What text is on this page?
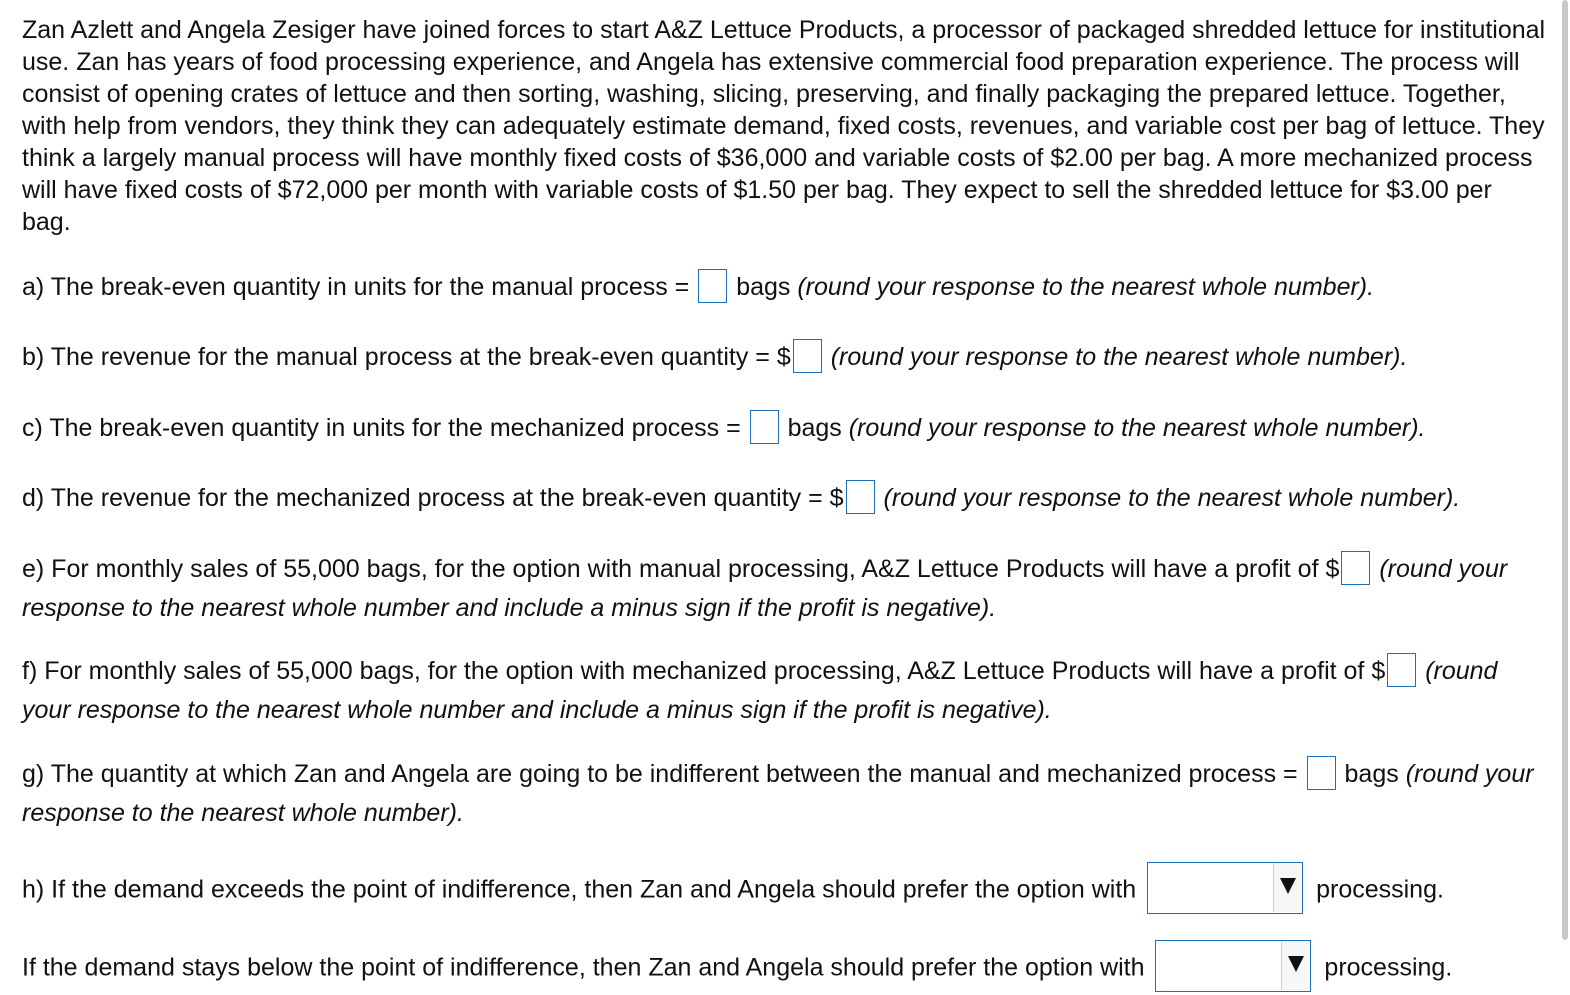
Zan Azlett and Angela Zesiger have joined forces to start A&Z Lettuce Products, a processor of packaged shredded lettuce for institutional use. Zan has years of food processing experience, and Angela has extensive commercial food preparation experience. The process will consist of opening crates of lettuce and then sorting, washing, slicing, preserving, and finally packaging the prepared lettuce. Together, with help from vendors, they think they can adequately estimate demand, fixed costs, revenues, and variable cost per bag of lettuce. They think a largely manual process will have monthly fixed costs of $36,000 and variable costs of $2.00 per bag. A more mechanized process will have fixed costs of $72,000 per month with variable costs of $1.50 per bag. They expect to sell the shredded lettuce for $3.00 per bag.

a) The break-even quantity in units for the manual process = bags (round your response to the nearest whole number).
b) The revenue for the manual process at the break-even quantity = $ (round your response to the nearest whole number).
c) The break-even quantity in units for the mechanized process = bags (round your response to the nearest whole number).
d) The revenue for the mechanized process at the break-even quantity = $ (round your response to the nearest whole number).
e) For monthly sales of 55,000 bags, for the option with manual processing, A&Z Lettuce Products will have a profit of $ (round your response to the nearest whole number and include a minus sign if the profit is negative).
f) For monthly sales of 55,000 bags, for the option with mechanized processing, A&Z Lettuce Products will have a profit of $ (round your response to the nearest whole number and include a minus sign if the profit is negative).
g) The quantity at which Zan and Angela are going to be indifferent between the manual and mechanized process = bags (round your response to the nearest whole number).
h) If the demand exceeds the point of indifference, then Zan and Angela should prefer the option with	processing.
If the demand stays below the point of indifference, then Zan and Angela should prefer the option with	processing.
